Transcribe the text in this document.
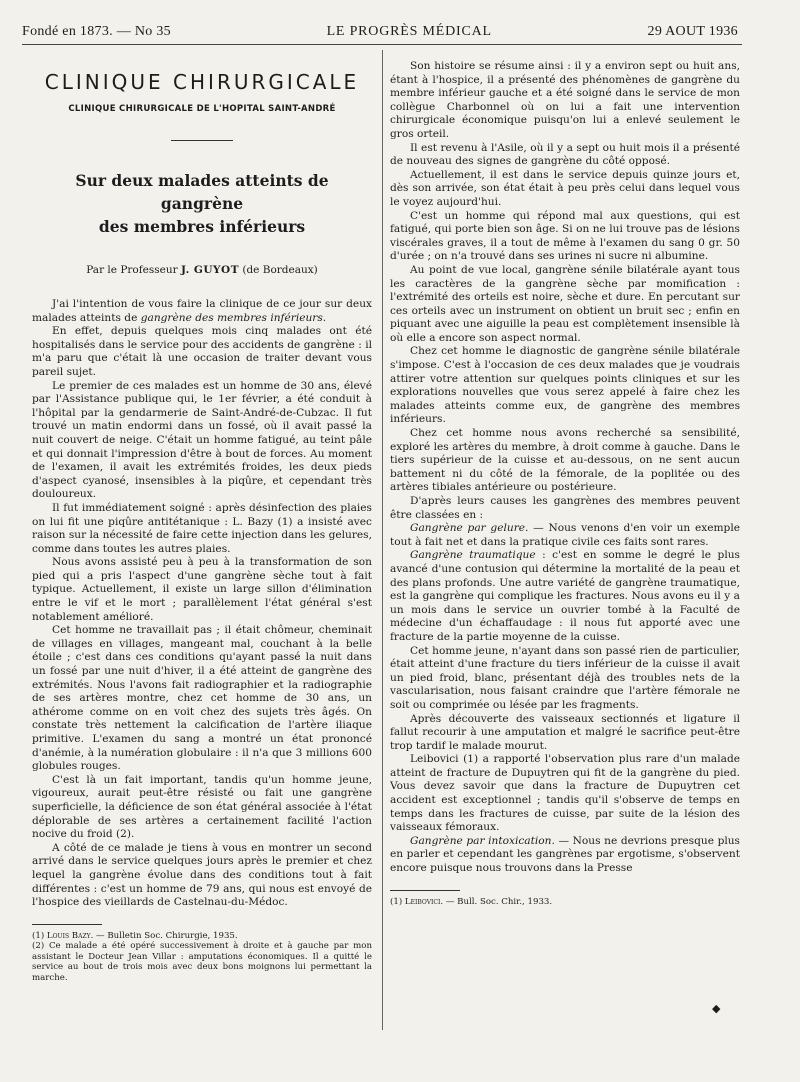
Fondé en 1873. — No 35	LE PROGRÈS MÉDICAL	29 AOUT 1936
CLINIQUE CHIRURGICALE
CLINIQUE CHIRURGICALE DE L'HOPITAL SAINT-ANDRÉ
Sur deux malades atteints de gangrène
des membres inférieurs
Par le Professeur J. GUYOT (de Bordeaux)

J'ai l'intention de vous faire la clinique de ce jour sur deux malades atteints de gangrène des membres inférieurs.

En effet, depuis quelques mois cinq malades ont été hospitalisés dans le service pour des accidents de gangrène : il m'a paru que c'était là une occasion de traiter devant vous pareil sujet.

Le premier de ces malades est un homme de 30 ans, élevé par l'Assistance publique qui, le 1er février, a été conduit à l'hôpital par la gendarmerie de Saint-André-de-Cubzac. Il fut trouvé un matin endormi dans un fossé, où il avait passé la nuit couvert de neige. C'était un homme fatigué, au teint pâle et qui donnait l'impression d'être à bout de forces. Au moment de l'examen, il avait les extrémités froides, les deux pieds d'aspect cyanosé, insensibles à la piqûre, et cependant très douloureux.

Il fut immédiatement soigné : après désinfection des plaies on lui fit une piqûre antitétanique : L. Bazy (1) a insisté avec raison sur la nécessité de faire cette injection dans les gelures, comme dans toutes les autres plaies.

Nous avons assisté peu à peu à la transformation de son pied qui a pris l'aspect d'une gangrène sèche tout à fait typique. Actuellement, il existe un large sillon d'élimination entre le vif et le mort ; parallèlement l'état général s'est notablement amélioré.

Cet homme ne travaillait pas ; il était chômeur, cheminait de villages en villages, mangeant mal, couchant à la belle étoile ; c'est dans ces conditions qu'ayant passé la nuit dans un fossé par une nuit d'hiver, il a été atteint de gangrène des extrémités. Nous l'avons fait radiographier et la radiographie de ses artères montre, chez cet homme de 30 ans, un athérome comme on en voit chez des sujets très âgés. On constate très nettement la calcification de l'artère iliaque primitive. L'examen du sang a montré un état prononcé d'anémie, à la numération globulaire : il n'a que 3 millions 600 globules rouges.

C'est là un fait important, tandis qu'un homme jeune, vigoureux, aurait peut-être résisté ou fait une gangrène superficielle, la déficience de son état général associée à l'état déplorable de ses artères a certainement facilité l'action nocive du froid (2).

A côté de ce malade je tiens à vous en montrer un second arrivé dans le service quelques jours après le premier et chez lequel la gangrène évolue dans des conditions tout à fait différentes : c'est un homme de 79 ans, qui nous est envoyé de l'hospice des vieillards de Castelnau-du-Médoc.

(1) Louis Bazy. — Bulletin Soc. Chirurgie, 1935.

(2) Ce malade a été opéré successivement à droite et à gauche par mon assistant le Docteur Jean Villar : amputations économiques. Il a quitté le service au bout de trois mois avec deux bons moignons lui permettant la marche.

Son histoire se résume ainsi : il y a environ sept ou huit ans, étant à l'hospice, il a présenté des phénomènes de gangrène du membre inférieur gauche et a été soigné dans le service de mon collègue Charbonnel où on lui a fait une intervention chirurgicale économique puisqu'on lui a enlevé seulement le gros orteil.

Il est revenu à l'Asile, où il y a sept ou huit mois il a présenté de nouveau des signes de gangrène du côté opposé.

Actuellement, il est dans le service depuis quinze jours et, dès son arrivée, son état était à peu près celui dans lequel vous le voyez aujourd'hui.

C'est un homme qui répond mal aux questions, qui est fatigué, qui porte bien son âge. Si on ne lui trouve pas de lésions viscérales graves, il a tout de même à l'examen du sang 0 gr. 50 d'urée ; on n'a trouvé dans ses urines ni sucre ni albumine.

Au point de vue local, gangrène sénile bilatérale ayant tous les caractères de la gangrène sèche par momification : l'extrémité des orteils est noire, sèche et dure. En percutant sur ces orteils avec un instrument on obtient un bruit sec ; enfin en piquant avec une aiguille la peau est complètement insensible là où elle a encore son aspect normal.

Chez cet homme le diagnostic de gangrène sénile bilatérale s'impose. C'est à l'occasion de ces deux malades que je voudrais attirer votre attention sur quelques points cliniques et sur les explorations nouvelles que vous serez appelé à faire chez les malades atteints comme eux, de gangrène des membres inférieurs.

Chez cet homme nous avons recherché sa sensibilité, exploré les artères du membre, à droit comme à gauche. Dans le tiers supérieur de la cuisse et au-dessous, on ne sent aucun battement ni du côté de la fémorale, de la poplitée ou des artères tibiales antérieure ou postérieure.

D'après leurs causes les gangrènes des membres peuvent être classées en :

Gangrène par gelure. — Nous venons d'en voir un exemple tout à fait net et dans la pratique civile ces faits sont rares.

Gangrène traumatique : c'est en somme le degré le plus avancé d'une contusion qui détermine la mortalité de la peau et des plans profonds. Une autre variété de gangrène traumatique, est la gangrène qui complique les fractures. Nous avons eu il y a un mois dans le service un ouvrier tombé à la Faculté de médecine d'un échaffaudage : il nous fut apporté avec une fracture de la partie moyenne de la cuisse.

Cet homme jeune, n'ayant dans son passé rien de particulier, était atteint d'une fracture du tiers inférieur de la cuisse il avait un pied froid, blanc, présentant déjà des troubles nets de la vascularisation, nous faisant craindre que l'artère fémorale ne soit ou comprimée ou lésée par les fragments.

Après découverte des vaisseaux sectionnés et ligature il fallut recourir à une amputation et malgré le sacrifice peut-être trop tardif le malade mourut.

Leibovici (1) a rapporté l'observation plus rare d'un malade atteint de fracture de Dupuytren qui fit de la gangrène du pied. Vous devez savoir que dans la fracture de Dupuytren cet accident est exceptionnel ; tandis qu'il s'observe de temps en temps dans les fractures de cuisse, par suite de la lésion des vaisseaux fémoraux.

Gangrène par intoxication. — Nous ne devrions presque plus en parler et cependant les gangrènes par ergotisme, s'observent encore puisque nous trouvons dans la Presse

(1) Leibovici. — Bull. Soc. Chir., 1933.

◆
